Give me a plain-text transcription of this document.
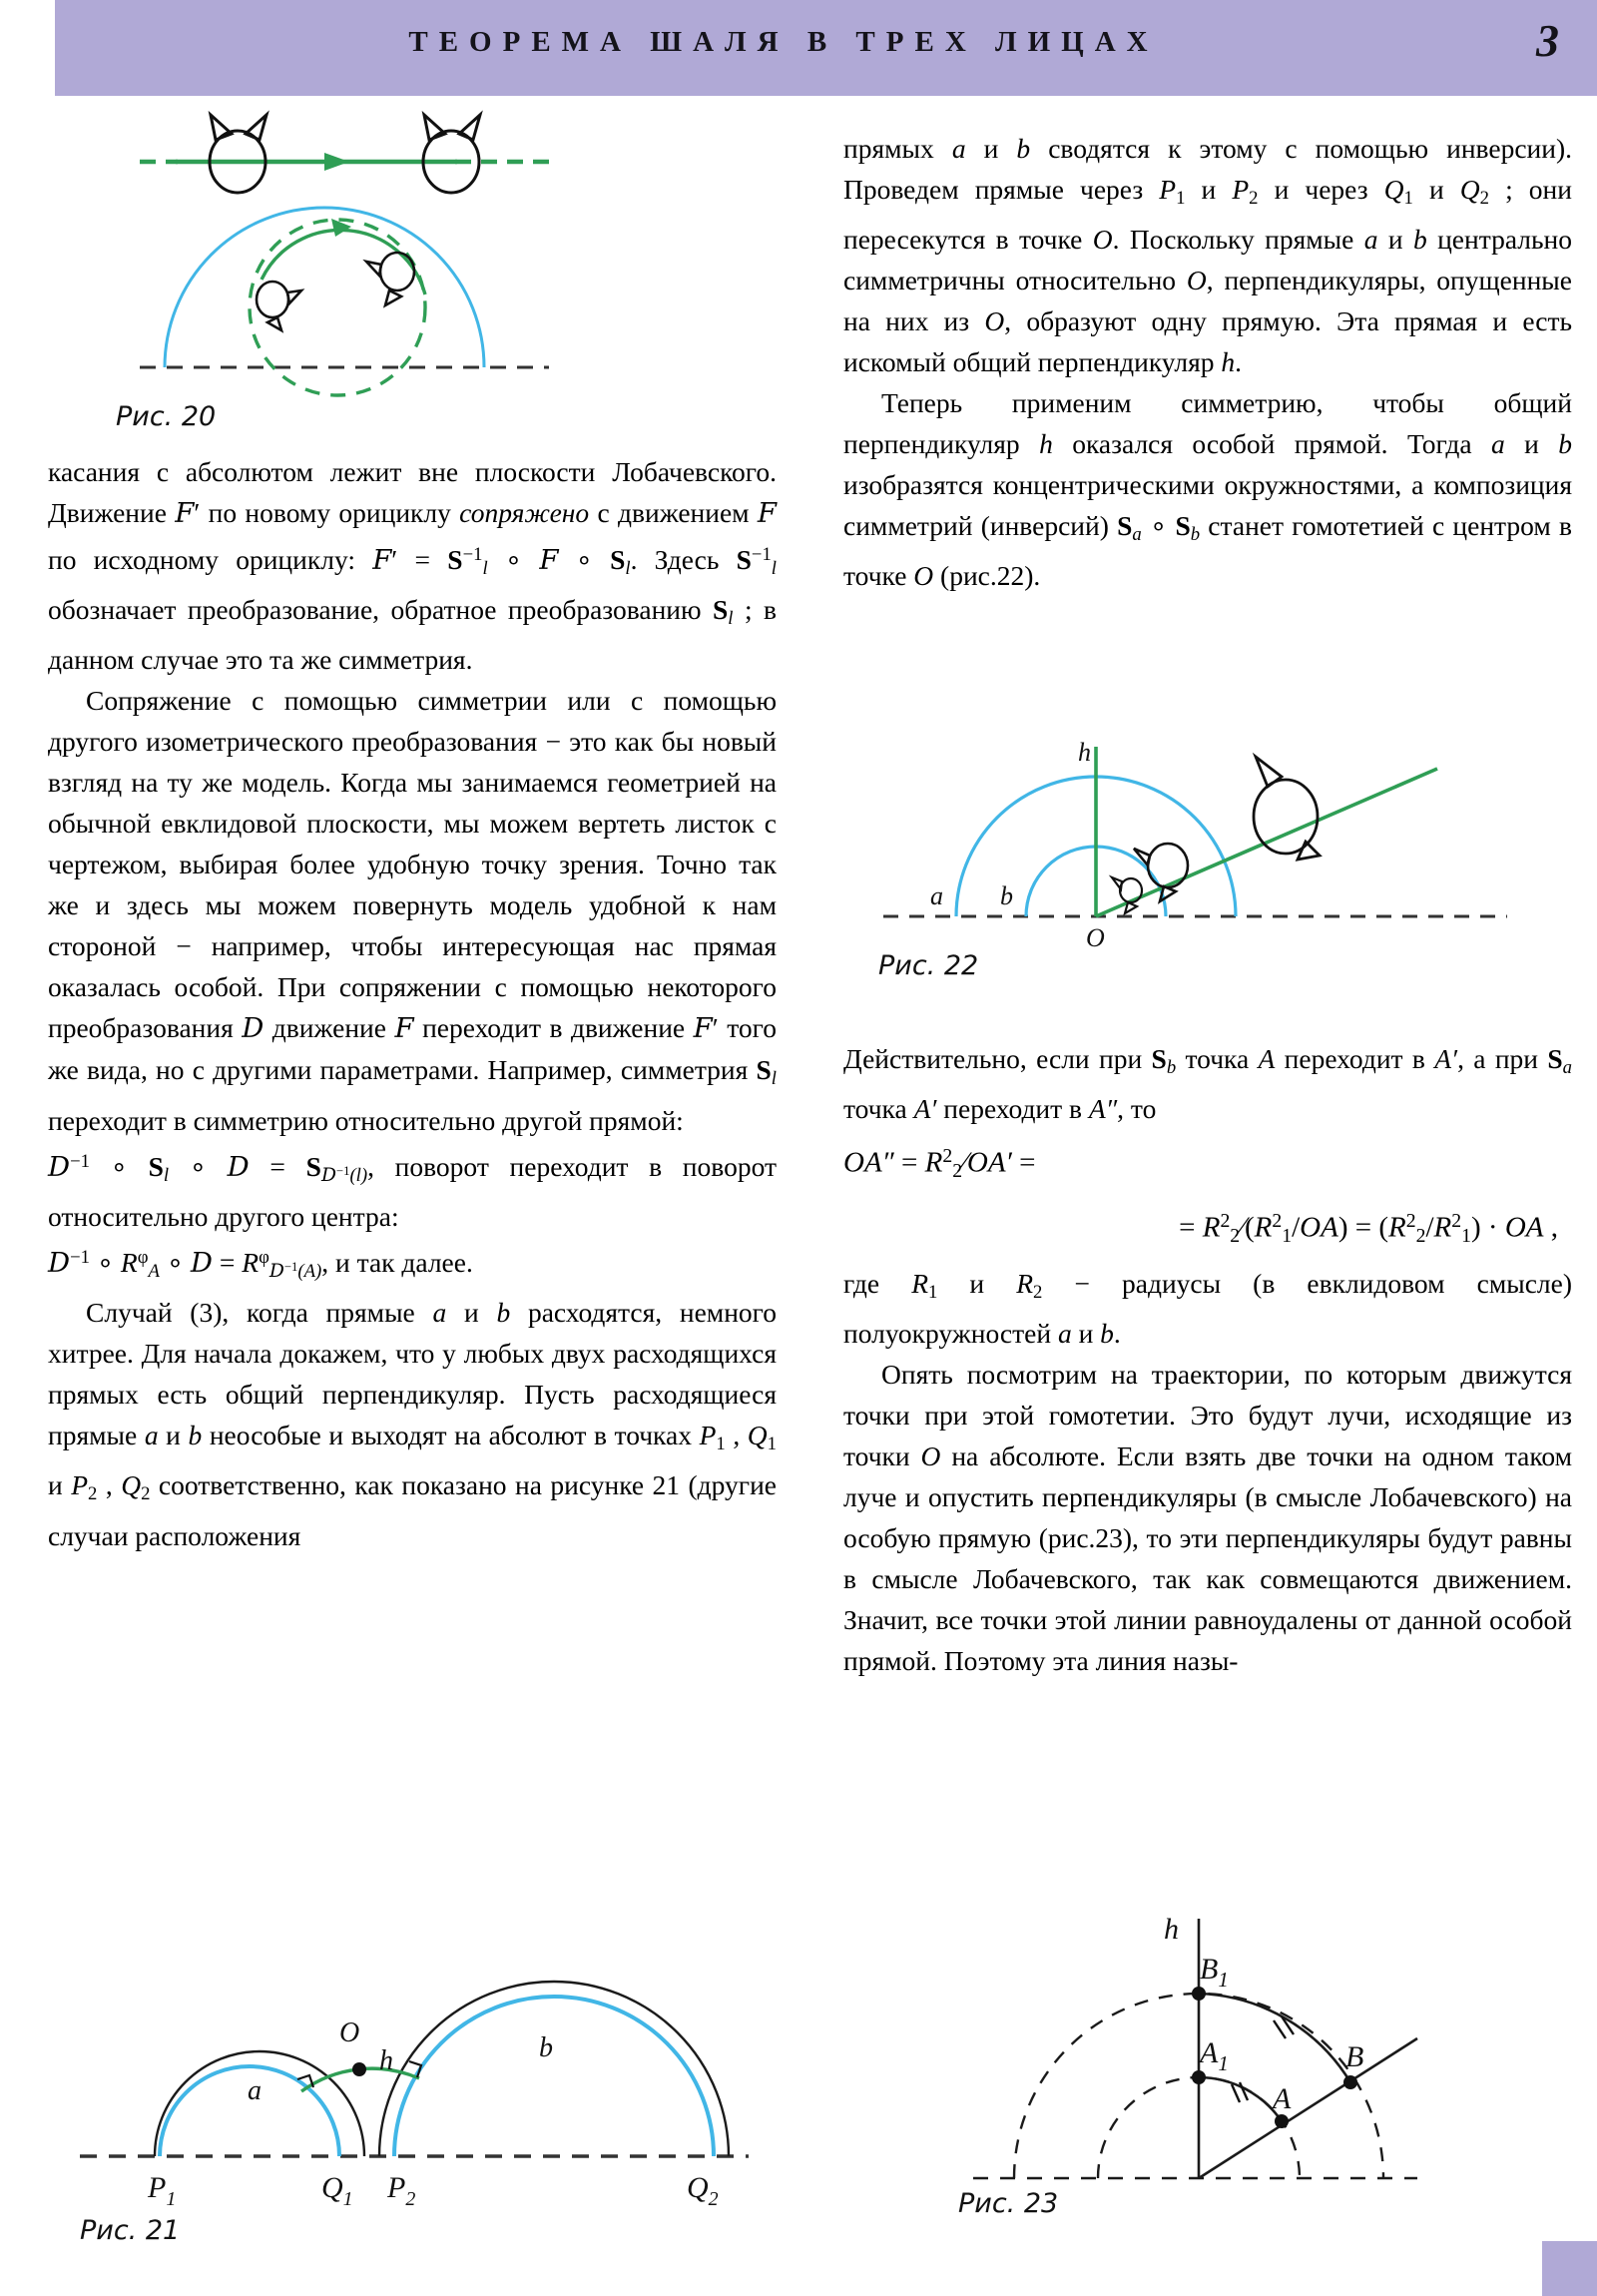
ТЕОРЕМА ШАЛЯ В ТРЕХ ЛИЦАХ	3
Рис. 20

касания с абсолютом лежит вне плоскости Лобачевского. Движение F′ по новому орициклу сопряжено с движением F по исходному орициклу: $F' = S^{-1}_l$ ∘ F ∘ $S_l$. Здесь $S^{-1}_l$ обозначает преобразование, обратное преобразованию $S_l$ ; в данном случае это та же симметрия.

Сопряжение с помощью симметрии или с помощью другого изометрического преобразования − это как бы новый взгляд на ту же модель. Когда мы занимаемся геометрией на обычной евклидовой плоскости, мы можем вертеть листок с чертежом, выбирая более удобную точку зрения. Точно так же и здесь мы можем повернуть модель удобной к нам стороной − например, чтобы интересующая нас прямая оказалась особой. При сопряжении с помощью некоторого преобразования D движение F переходит в движение F′ того же вида, но с другими параметрами. Например, симметрия $S_l$ переходит в симметрию относительно другой прямой:

$D^{-1}$ ∘ $S_l$ ∘ $D = S_{D^{-1}(l)}$, поворот переходит в поворот относительно другого центра:

$D^{-1}$ ∘ $R^\varphi_A$ ∘ $D = R^\varphi_{D^{-1}(A)}$, и так далее.

Случай (3), когда прямые a и b расходятся, немного хитрее. Для начала докажем, что у любых двух расходящихся прямых есть общий перпендикуляр. Пусть расходящиеся прямые a и b неособые и выходят на абсолют в точках $P_1$ , $Q_1$ и $P_2$ , $Q_2$ соответственно, как показано на рисунке 21 (другие случаи расположения

прямых a и b сводятся к этому с помощью инверсии). Проведем прямые через $P_1$ и $P_2$ и через $Q_1$ и $Q_2$ ; они пересекутся в точке O. Поскольку прямые a и b центрально симметричны относительно O, перпендикуляры, опущенные на них из O, образуют одну прямую. Эта прямая и есть искомый общий перпендикуляр h.

Теперь применим симметрию, чтобы общий перпендикуляр h оказался особой прямой. Тогда a и b изобразятся концентрическими окружностями, а композиция симметрий (инверсий) $S_a$ ∘ $S_b$ станет гомотетией с центром в точке O (рис.22).

h
a b
O
Рис. 22

Действительно, если при $S_b$ точка A переходит в A′, а при $S_a$ точка A′ переходит в A″, то

$OA'' = R^2_2⁄OA'$ =
= $R^2_2⁄(R^2_1/OA) = (R^2_2/R^2_1)$ · OA ,

где $R_1$ и $R_2$ − радиусы (в евклидовом смысле) полуокружностей a и b.

Опять посмотрим на траектории, по которым движутся точки при этой гомотетии. Это будут лучи, исходящие из точки O на абсолюте. Если взять две точки на одном таком луче и опустить перпендикуляры (в смысле Лобачевского) на особую прямую (рис.23), то эти перпендикуляры будут равны в смысле Лобачевского, так как совмещаются движением. Значит, все точки этой линии равноудалены от данной особой прямой. Поэтому эта линия назы-

a
b
O
h
$P_1$	$Q_1$ $P_2$	$Q_2$
Рис. 21
h
$B_1$
$A_1$
A
B
Рис. 23
